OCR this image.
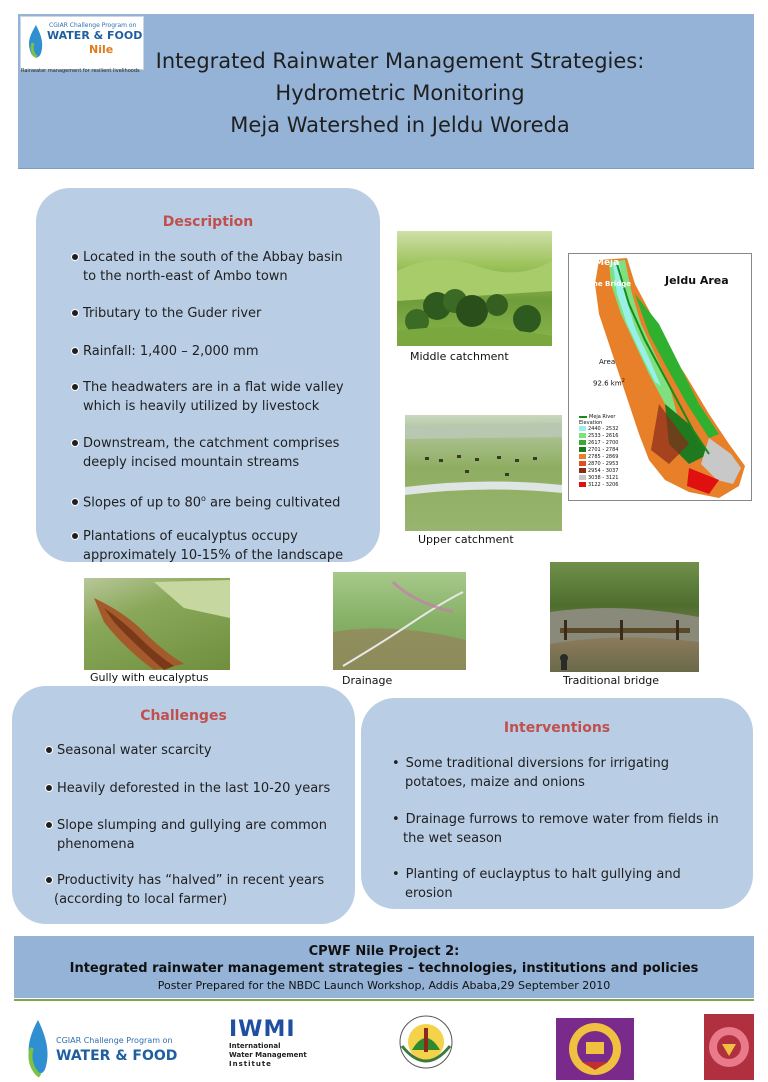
CGIAR Challenge Program on
WATER & FOOD
Nile
Rainwater management for resilient livelihoods Integrated Rainwater Management Strategies:
Hydrometric Monitoring
Meja Watershed in Jeldu Woreda
Description
Located in the south of the Abbay basin
to the north-east of Ambo town
Tributary to the Guder river
Rainfall: 1,400 – 2,000 mm
The headwaters are in a flat wide valley
which is heavily utilized by livestock
Downstream, the catchment comprises
deeply incised mountain streams
Slopes of up to 80$^o$ are being cultivated
Plantations of eucalyptus occupy
approximately 10-15% of the landscape
Middle catchment
Upper catchment
Meja
at the Bridge	Jeldu Area
Area
92.6 $km^2$
Meja River
Elevation
2440 - 2532
2533 - 2616
2617 - 2700
2701 - 2784
2785 - 2869
2870 - 2953
2954 - 3037
3038 - 3121
3122 - 3206
Gully with eucalyptus	Drainage	Traditional bridge
Challenges
Seasonal water scarcity
Heavily deforested in the last 10-20 years
Slope slumping and gullying are common
phenomena
Productivity has “halved” in recent years
(according to local farmer)
Interventions
• Some traditional diversions for irrigating
potatoes, maize and onions
• Drainage furrows to remove water from fields in
the wet season
• Planting of euclayptus to halt gullying and
erosion
CPWF Nile Project 2:
Integrated rainwater management strategies – technologies, institutions and policies
Poster Prepared for the NBDC Launch Workshop, Addis Ababa,29 September 2010
CGIAR Challenge Program on
WATER & FOOD
IWMI
International
Water Management
Institute
